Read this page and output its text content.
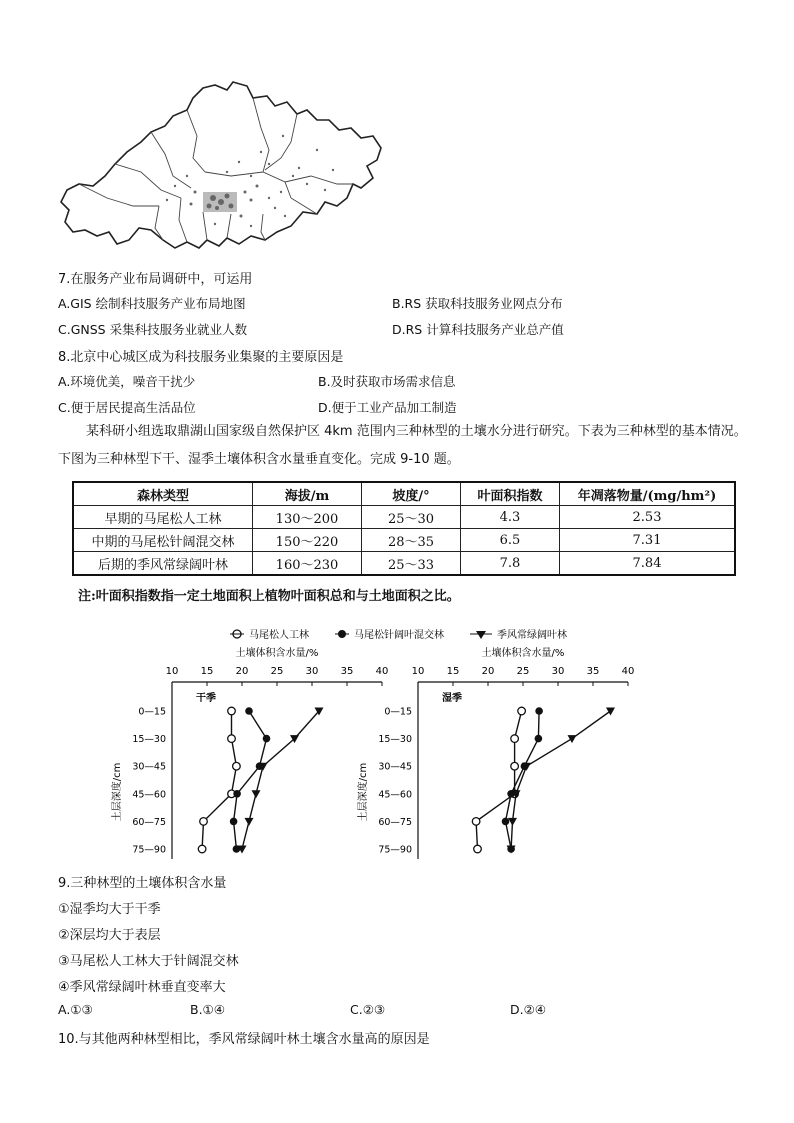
7.在服务产业布局调研中，可运用
A.GIS 绘制科技服务产业布局地图	B.RS 获取科技服务业网点分布
C.GNSS 采集科技服务业就业人数	D.RS 计算科技服务产业总产值
8.北京中心城区成为科技服务业集聚的主要原因是
A.环境优美，噪音干扰少	B.及时获取市场需求信息
C.便于居民提高生活品位	D.便于工业产品加工制造
某科研小组选取鼎湖山国家级自然保护区 4km 范围内三种林型的土壤水分进行研究。下表为三种林型的基本情况。下图为三种林型下干、湿季土壤体积含水量垂直变化。完成 9-10 题。
森林类型	海拔/m	坡度/°	叶面积指数	年凋落物量/(mg/hm²)
早期的马尾松人工林	130～200	25～30	4.3	2.53
中期的马尾松针阔混交林	150～220	28～35	6.5	7.31
后期的季风常绿阔叶林	160～230	25～33	7.8	7.84
注:叶面积指数指一定土地面积上植物叶面积总和与土地面积之比。
马尾松人工林	马尾松针阔叶混交林	季风常绿阔叶林
土壤体积含水量/%
10 15 20 25 30 35 40
干季
土层深度/cm
0—15
15—30
30—45
45—60
60—75
75—90
土壤体积含水量/%
10 15 20 25 30 35 40
湿季
土层深度/cm
0—15
15—30
30—45
45—60
60—75
75—90
9.三种林型的土壤体积含水量
①湿季均大于干季
②深层均大于表层
③马尾松人工林大于针阔混交林
④季风常绿阔叶林垂直变率大
A.①③	B.①④	C.②③	D.②④
10.与其他两种林型相比，季风常绿阔叶林土壤含水量高的原因是
